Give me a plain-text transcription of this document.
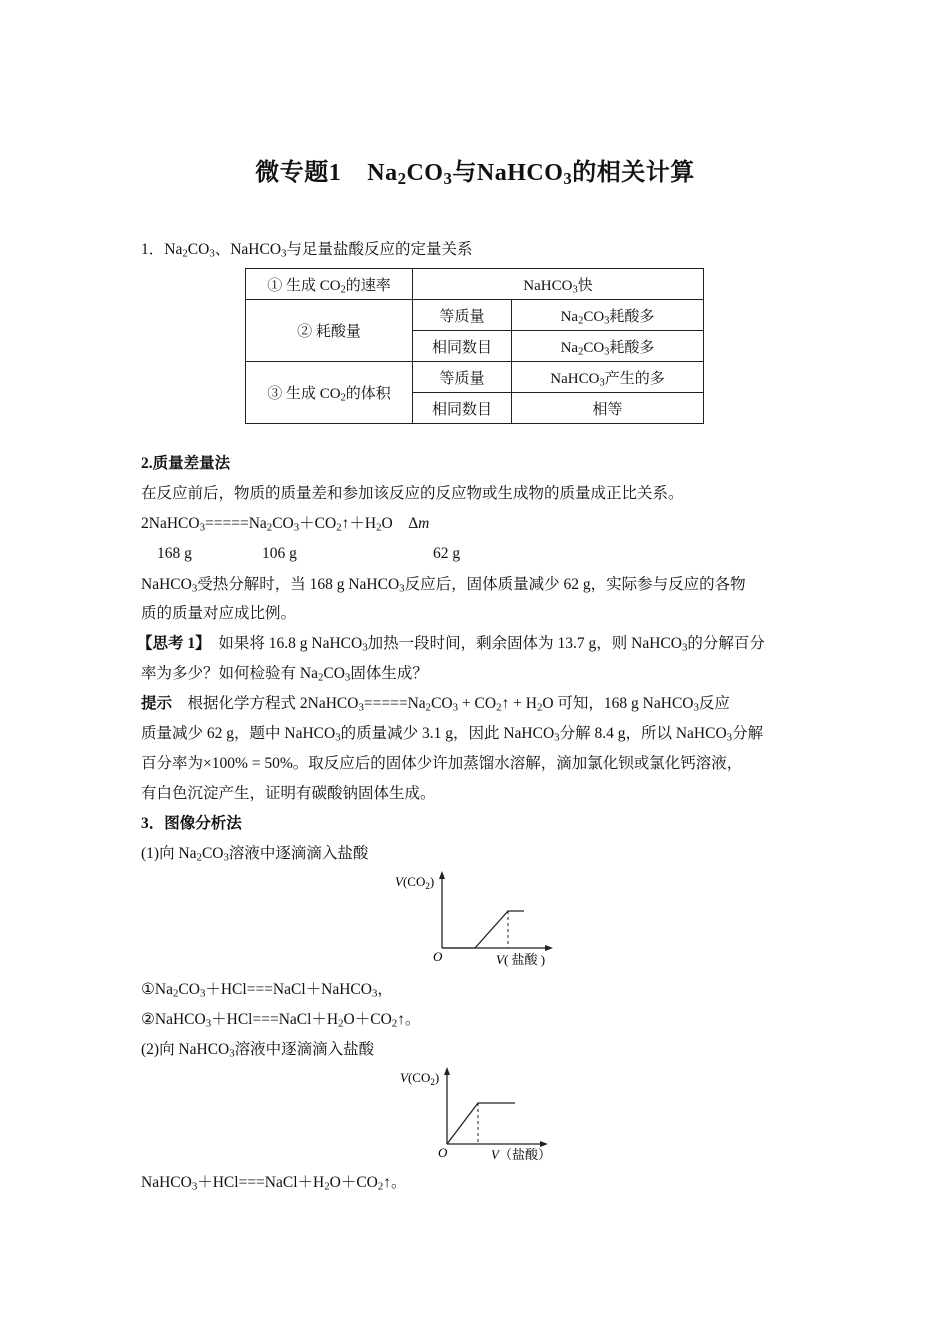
微专题1 $Na_2CO_3$与NaHCO$_3$的相关计算
1．$Na_2CO_3$、NaHCO$_3$与足量盐酸反应的定量关系
① 生成 $CO_2$的速率	NaHCO$_3$快	
② 耗酸量	等质量	$Na_2CO_3$耗酸多
	相同数目	$Na_2CO_3$耗酸多
③ 生成 $CO_2$的体积	等质量	NaHCO$_3$产生的多
	相同数目	相等
2.质量差量法
在反应前后，物质的质量差和参加该反应的反应物或生成物的质量成正比关系。
$2NaHCO_3=====Na_2CO_3+CO_2↑+H_2O$　Δm
168 g	106 g	62 g
NaHCO$_3$受热分解时，当 168 g NaHCO$_3$反应后，固体质量减少 62 g，实际参与反应的各物
质的质量对应成比例。
【思考 1】 如果将 16.8 g NaHCO$_3$加热一段时间，剩余固体为 13.7 g，则 NaHCO$_3$的分解百分
率为多少？如何检验有 $Na_2CO_3$固体生成？
提示 根据化学方程式 $2NaHCO_3=====Na_2CO_3$ + $CO_2↑ + H_2O$ 可知，168 g NaHCO$_3$反应
质量减少 62 g，题中 NaHCO$_3$的质量减少 3.1 g，因此 NaHCO$_3$分解 8.4 g，所以 NaHCO$_3$分解
百分率为×100% = 50%。取反应后的固体少许加蒸馏水溶解，滴加氯化钡或氯化钙溶液，
有白色沉淀产生，证明有碳酸钠固体生成。
3．图像分析法
(1)向 $Na_2CO_3$溶液中逐滴滴入盐酸
$V(CO_2)$
O	V( 盐酸 )
$①Na_2CO_3+HCl===NaCl+NaHCO_3$，
$②NaHCO_3+HCl===NaCl+H_2O+CO_2↑$。
(2)向 NaHCO$_3$溶液中逐滴滴入盐酸
$V(CO_2)$
O	V（盐酸）
$NaHCO_3+HCl===NaCl+H_2O+CO_2↑$。
